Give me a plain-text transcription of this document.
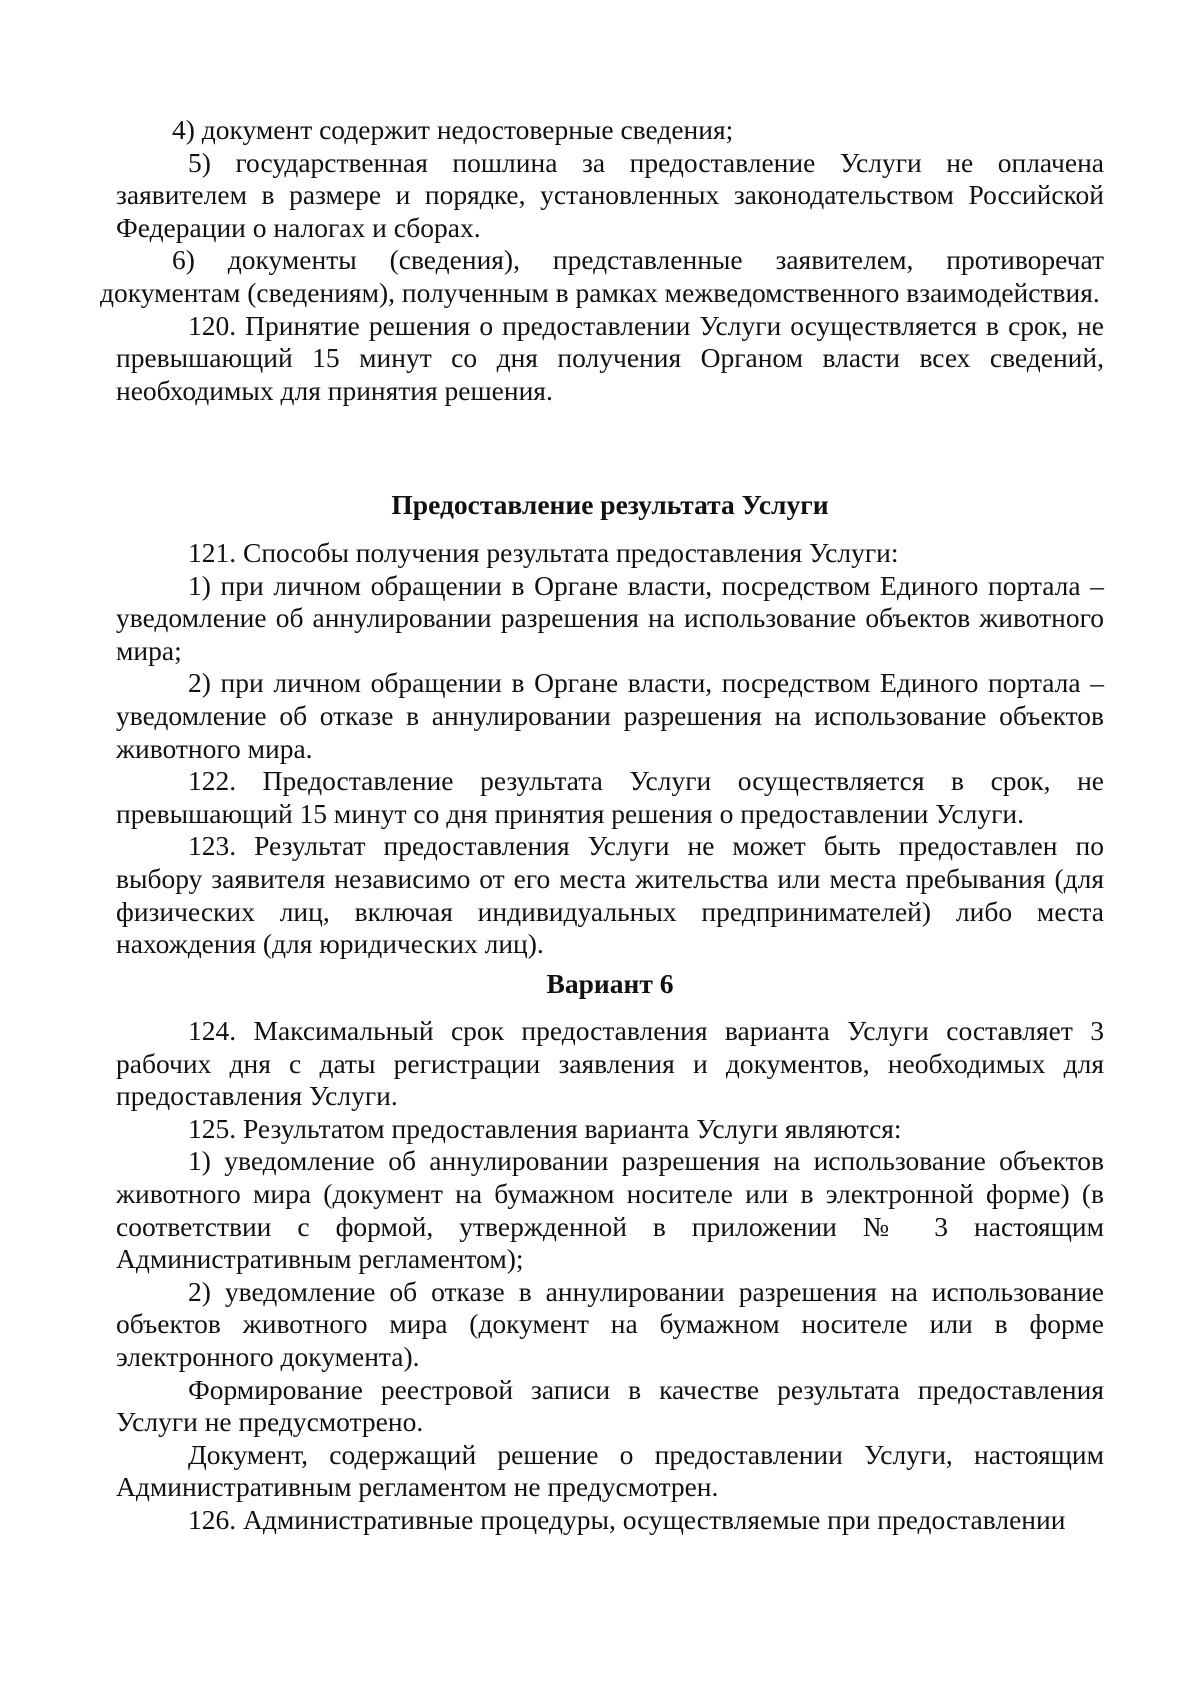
4) документ содержит недостоверные сведения;

5) государственная пошлина за предоставление Услуги не оплачена заявителем в размере и порядке, установленных законодательством Российской Федерации о налогах и сборах.

6) документы (сведения), представленные заявителем, противоречат документам (сведениям), полученным в рамках межведомственного взаимодействия.

120. Принятие решения о предоставлении Услуги осуществляется в срок, не превышающий 15 минут со дня получения Органом власти всех сведений, необходимых для принятия решения.

Предоставление результата Услуги

121. Способы получения результата предоставления Услуги:

1) при личном обращении в Органе власти, посредством Единого портала – уведомление об аннулировании разрешения на использование объектов животного мира;

2) при личном обращении в Органе власти, посредством Единого портала – уведомление об отказе в аннулировании разрешения на использование объектов животного мира.

122. Предоставление результата Услуги осуществляется в срок, не превышающий 15 минут со дня принятия решения о предоставлении Услуги.

123. Результат предоставления Услуги не может быть предоставлен по выбору заявителя независимо от его места жительства или места пребывания (для физических лиц, включая индивидуальных предпринимателей) либо места нахождения (для юридических лиц).

Вариант 6

124. Максимальный срок предоставления варианта Услуги составляет 3 рабочих дня с даты регистрации заявления и документов, необходимых для предоставления Услуги.

125. Результатом предоставления варианта Услуги являются:

1) уведомление об аннулировании разрешения на использование объектов животного мира (документ на бумажном носителе или в электронной форме) (в соответствии с формой, утвержденной в приложении № 3 настоящим Административным регламентом);

2) уведомление об отказе в аннулировании разрешения на использование объектов животного мира (документ на бумажном носителе или в форме электронного документа).

Формирование реестровой записи в качестве результата предоставления Услуги не предусмотрено.

Документ, содержащий решение о предоставлении Услуги, настоящим Административным регламентом не предусмотрен.

126. Административные процедуры, осуществляемые при предоставлении
